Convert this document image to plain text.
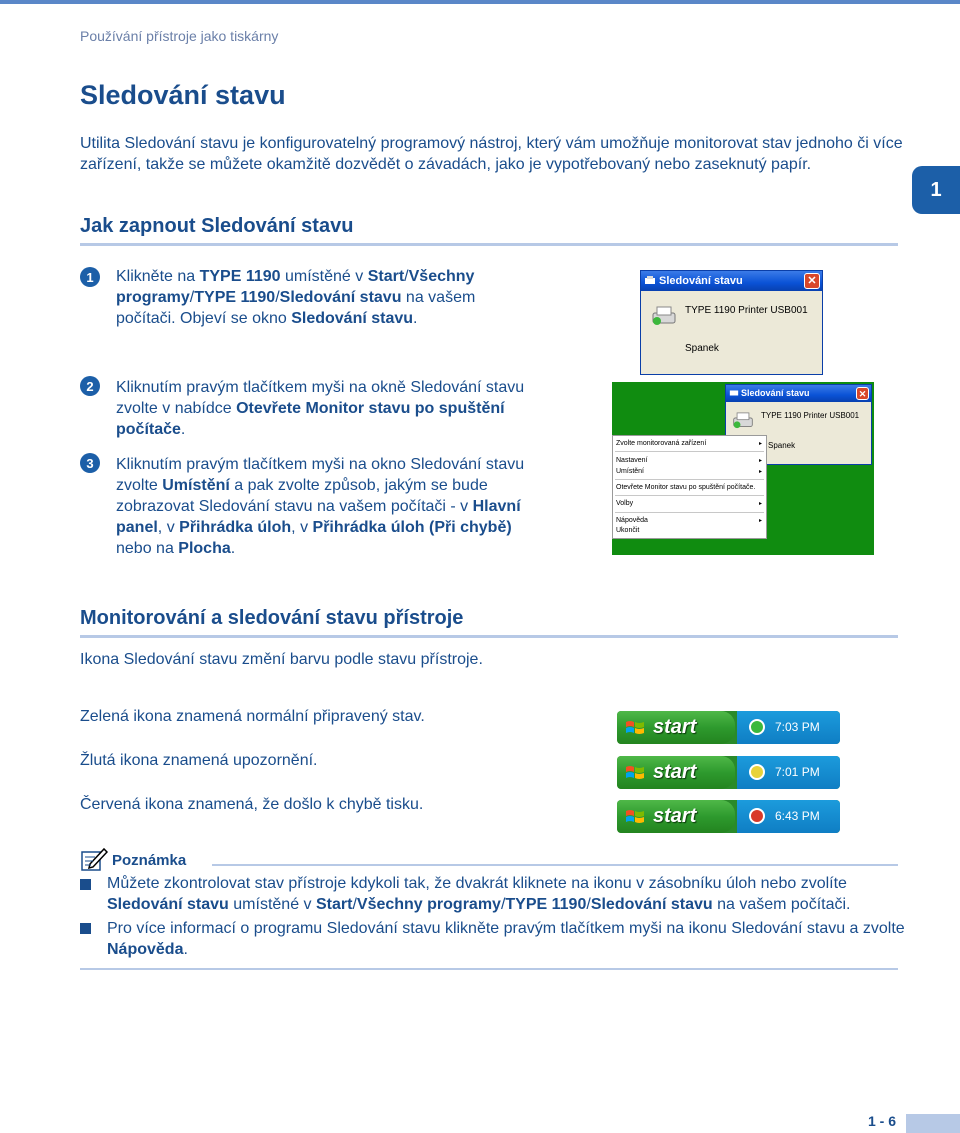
Používání přístroje jako tiskárny
Sledování stavu

Utilita Sledování stavu je konfigurovatelný programový nástroj, který vám umožňuje monitorovat stav jednoho či více zařízení, takže se můžete okamžitě dozvědět o závadách, jako je vypotřebovaný nebo zaseknutý papír.

1
Jak zapnout Sledování stavu
1	Klikněte na TYPE 1190 umístěné v Start/Všechny programy/TYPE 1190/Sledování stavu na vašem počítači. Objeví se okno Sledování stavu.

2	Kliknutím pravým tlačítkem myši na okně Sledování stavu zvolte v nabídce Otevřete Monitor stavu po spuštění počítače.

3	Kliknutím pravým tlačítkem myši na okno Sledování stavu zvolte Umístění a pak zvolte způsob, jakým se bude zobrazovat Sledování stavu na vašem počítači - v Hlavní panel, v Přihrádka úloh, v Přihrádka úloh (Při chybě) nebo na Plocha.

Sledování stavu	✕
TYPE 1190 Printer USB001
Spanek
Sledování stavu	✕
TYPE 1190 Printer USB001
Spanek
Zvolte monitorovaná zařízení	▸
Nastavení	▸
Umístění	▸
Otevřete Monitor stavu po spuštění počítače.
Volby	▸
Nápověda	▸
Ukončit
Monitorování a sledování stavu přístroje

Ikona Sledování stavu změní barvu podle stavu přístroje.

Zelená ikona znamená normální připravený stav.

Žlutá ikona znamená upozornění.

Červená ikona znamená, že došlo k chybě tisku.

start	7:03 PM
start	7:01 PM
start	6:43 PM
Poznámka

Můžete zkontrolovat stav přístroje kdykoli tak, že dvakrát kliknete na ikonu v zásobníku úloh nebo zvolíte Sledování stavu umístěné v Start/Všechny programy/TYPE 1190/Sledování stavu na vašem počítači.

Pro více informací o programu Sledování stavu klikněte pravým tlačítkem myši na ikonu Sledování stavu a zvolte Nápověda.

1 - 6
